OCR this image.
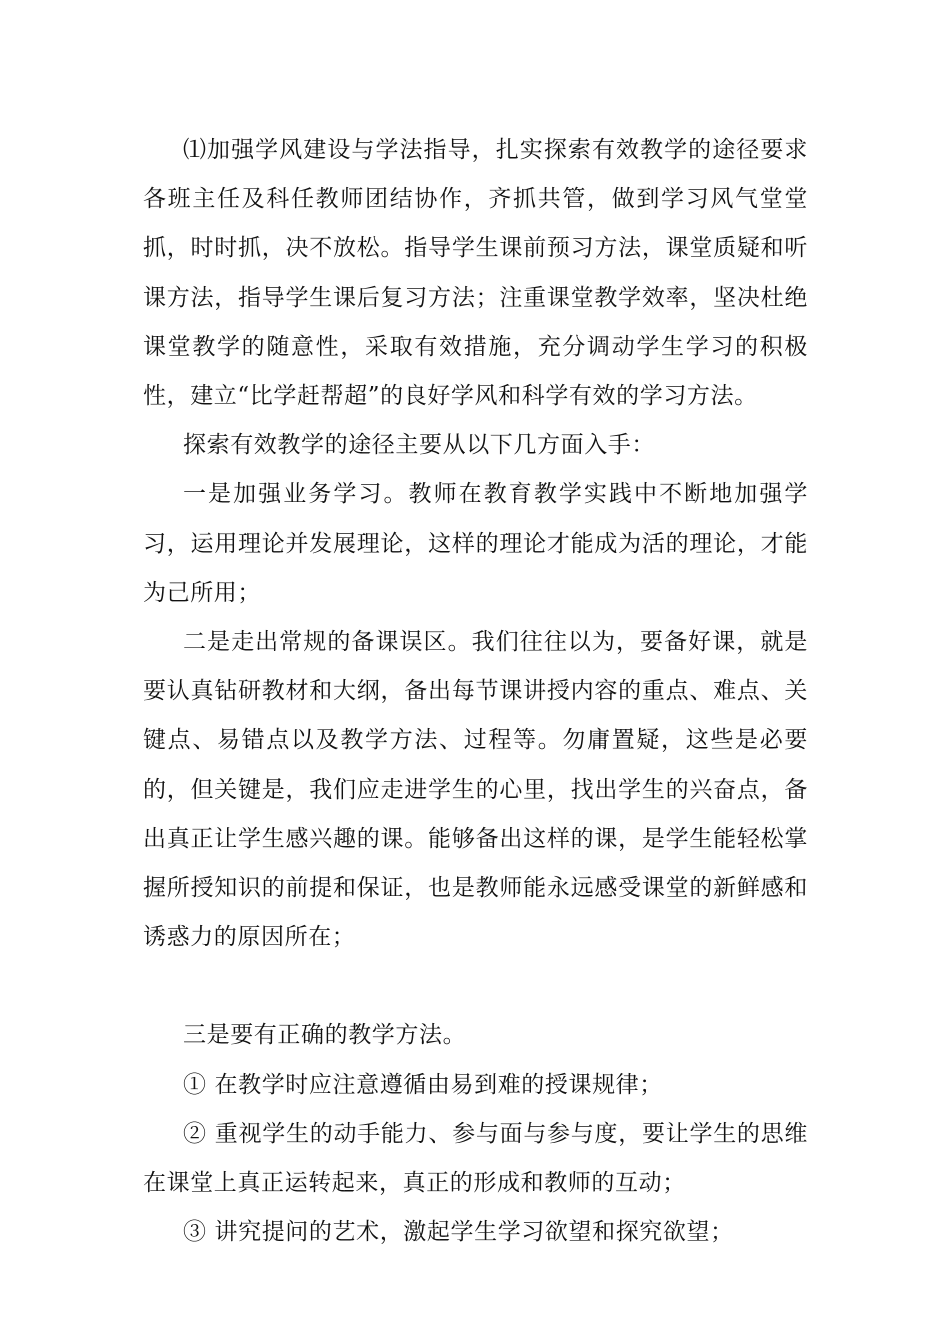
⑴加强学风建设与学法指导，扎实探索有效教学的途径要求各班主任及科任教师团结协作，齐抓共管，做到学习风气堂堂抓，时时抓，决不放松。指导学生课前预习方法，课堂质疑和听课方法，指导学生课后复习方法；注重课堂教学效率，坚决杜绝课堂教学的随意性，采取有效措施，充分调动学生学习的积极性，建立“比学赶帮超”的良好学风和科学有效的学习方法。

探索有效教学的途径主要从以下几方面入手：

一是加强业务学习。教师在教育教学实践中不断地加强学习，运用理论并发展理论，这样的理论才能成为活的理论，才能为己所用；

二是走出常规的备课误区。我们往往以为，要备好课，就是要认真钻研教材和大纲，备出每节课讲授内容的重点、难点、关键点、易错点以及教学方法、过程等。勿庸置疑，这些是必要的，但关键是，我们应走进学生的心里，找出学生的兴奋点，备出真正让学生感兴趣的课。能够备出这样的课，是学生能轻松掌握所授知识的前提和保证，也是教师能永远感受课堂的新鲜感和诱惑力的原因所在；

三是要有正确的教学方法。

① 在教学时应注意遵循由易到难的授课规律；

② 重视学生的动手能力、参与面与参与度，要让学生的思维在课堂上真正运转起来，真正的形成和教师的互动；

③ 讲究提问的艺术，激起学生学习欲望和探究欲望；
